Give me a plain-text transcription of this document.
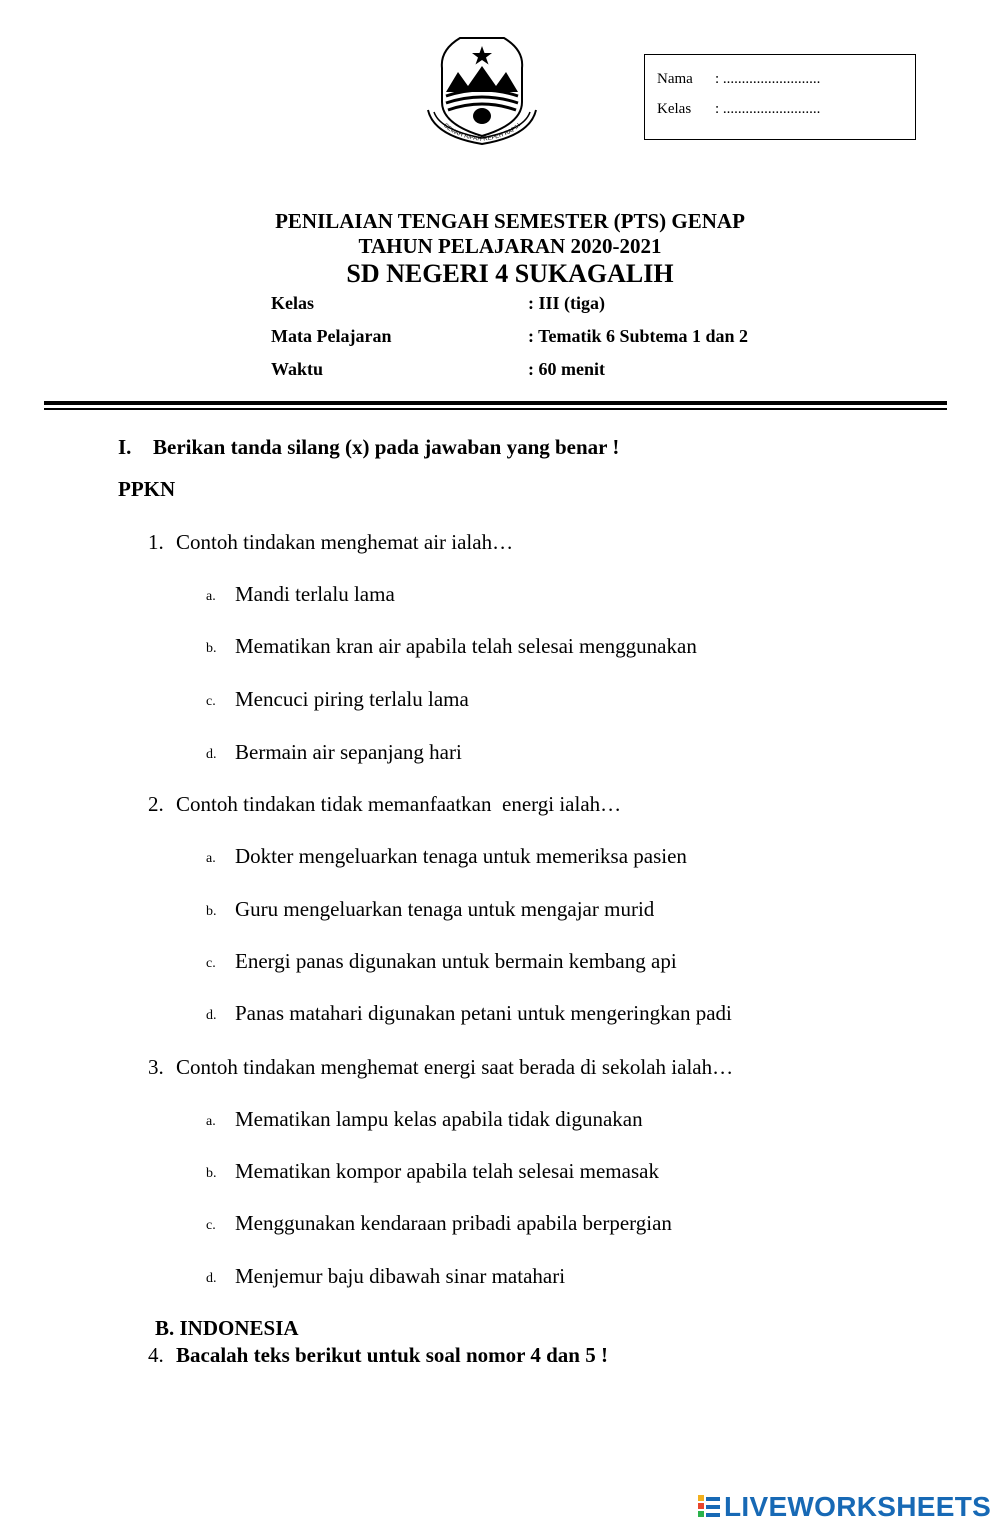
GEMAH RIPAH REPEH RAPIH
Nama : ..........................
Kelas : ..........................
PENILAIAN TENGAH SEMESTER (PTS) GENAP
TAHUN PELAJARAN 2020-2021
SD NEGERI 4 SUKAGALIH
Kelas	: III (tiga)
Mata Pelajaran	: Tematik 6 Subtema 1 dan 2
Waktu	: 60 menit
I. Berikan tanda silang (x) pada jawaban yang benar !
PPKN
1. Contoh tindakan menghemat air ialah…
a. Mandi terlalu lama
b. Mematikan kran air apabila telah selesai menggunakan
c. Mencuci piring terlalu lama
d. Bermain air sepanjang hari
2. Contoh tindakan tidak memanfaatkan  energi ialah…
a. Dokter mengeluarkan tenaga untuk memeriksa pasien
b. Guru mengeluarkan tenaga untuk mengajar murid
c. Energi panas digunakan untuk bermain kembang api
d. Panas matahari digunakan petani untuk mengeringkan padi
3. Contoh tindakan menghemat energi saat berada di sekolah ialah…
a. Mematikan lampu kelas apabila tidak digunakan
b. Mematikan kompor apabila telah selesai memasak
c. Menggunakan kendaraan pribadi apabila berpergian
d. Menjemur baju dibawah sinar matahari
B. INDONESIA
4. Bacalah teks berikut untuk soal nomor 4 dan 5 !
LIVEWORKSHEETS
